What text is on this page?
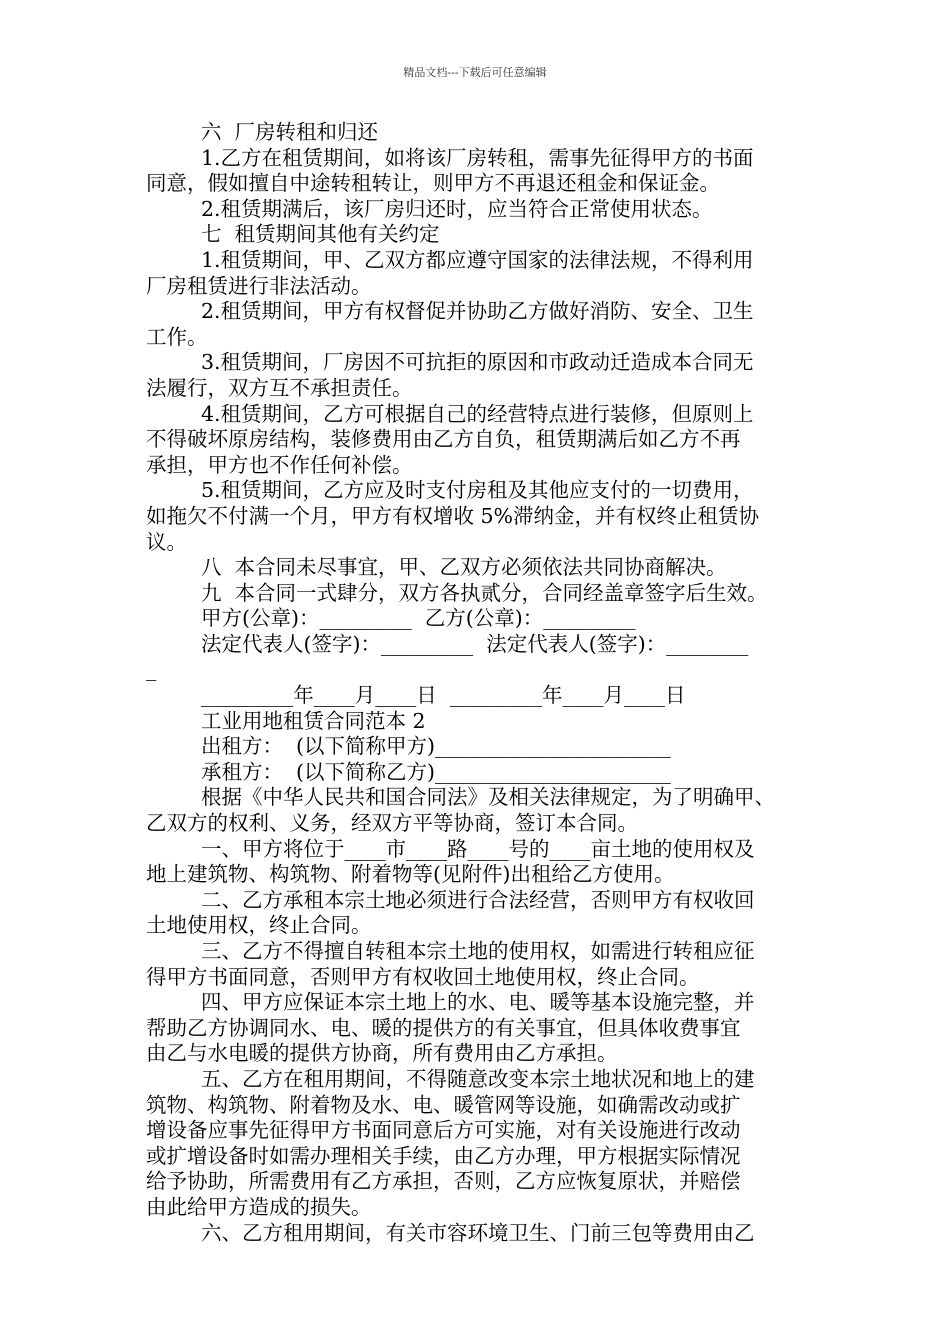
精品文档---下载后可任意编辑
六  厂房转租和归还
1.乙方在租赁期间，如将该厂房转租，需事先征得甲方的书面
同意，假如擅自中途转租转让，则甲方不再退还租金和保证金。
2.租赁期满后，该厂房归还时，应当符合正常使用状态。
七  租赁期间其他有关约定
1.租赁期间，甲、乙双方都应遵守国家的法律法规，不得利用
厂房租赁进行非法活动。
2.租赁期间，甲方有权督促并协助乙方做好消防、安全、卫生
工作。
3.租赁期间，厂房因不可抗拒的原因和市政动迁造成本合同无
法履行，双方互不承担责任。
4.租赁期间，乙方可根据自己的经营特点进行装修，但原则上
不得破坏原房结构，装修费用由乙方自负，租赁期满后如乙方不再
承担，甲方也不作任何补偿。
5.租赁期间，乙方应及时支付房租及其他应支付的一切费用，
如拖欠不付满一个月，甲方有权增收 5%滞纳金，并有权终止租赁协
议。
八  本合同未尽事宜，甲、乙双方必须依法共同协商解决。
九  本合同一式肆分，双方各执贰分，合同经盖章签字后生效。
甲方(公章)：_________  乙方(公章)：_________
法定代表人(签字)：_________  法定代表人(签字)：________
_
_________年____月____日  _________年____月____日
工业用地租赁合同范本 2
出租方：  (以下简称甲方)_______________________
承租方：  (以下简称乙方)_______________________
根据《中华人民共和国合同法》及相关法律规定，为了明确甲、
乙双方的权利、义务，经双方平等协商，签订本合同。
一、甲方将位于____市____路____号的____亩土地的使用权及
地上建筑物、构筑物、附着物等(见附件)出租给乙方使用。
二、乙方承租本宗土地必须进行合法经营，否则甲方有权收回
土地使用权，终止合同。
三、乙方不得擅自转租本宗土地的使用权，如需进行转租应征
得甲方书面同意，否则甲方有权收回土地使用权，终止合同。
四、甲方应保证本宗土地上的水、电、暖等基本设施完整，并
帮助乙方协调同水、电、暖的提供方的有关事宜，但具体收费事宜
由乙与水电暖的提供方协商，所有费用由乙方承担。
五、乙方在租用期间，不得随意改变本宗土地状况和地上的建
筑物、构筑物、附着物及水、电、暖管网等设施，如确需改动或扩
增设备应事先征得甲方书面同意后方可实施，对有关设施进行改动
或扩增设备时如需办理相关手续，由乙方办理，甲方根据实际情况
给予协助，所需费用有乙方承担，否则，乙方应恢复原状，并赔偿
由此给甲方造成的损失。
六、乙方租用期间，有关市容环境卫生、门前三包等费用由乙
